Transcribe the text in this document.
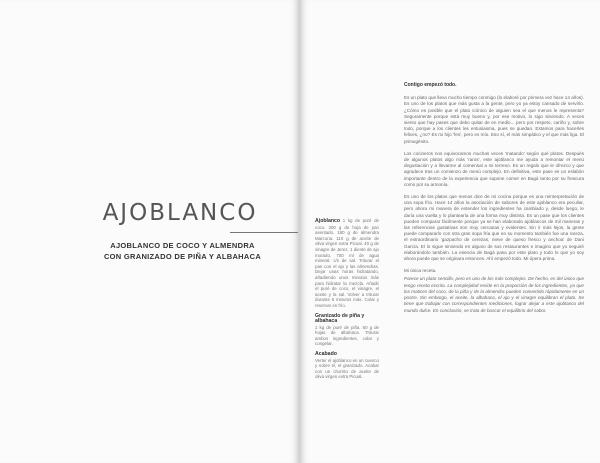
AJOBLANCO
AJOBLANCO DE COCO Y ALMENDRA
CON GRANIZADO DE PIÑA Y ALBAHACA
Ajoblanco 1 kg de puré de coco. 300 g de hoja de pan asentado. 180 g de almendra Marcona. 110 g de aceite de oliva virgen extra Picual. 40 g de vinagre de Jerez. 1 diente de ajo morado. 700 ml de agua mineral. c/s de sal. Triturar el pan con el ajo y las almendras. Dejar unas horas hidratando, añadiendo unos minutos más para hidratar la mezcla. Añadir el puré de coco, el vinagre, el aceite y la sal. Volver a triturar durante 5 minutos más. Colar y reservar en frío.
Granizado de piña y albahaca
1 kg de puré de piña. 60 g de hojas de albahaca. Triturar ambos ingredientes, colar y congelar.
Acabado
Verter el ajoblanco en un cuenco y sobre él, el granizado. Acabar con un chorrito de aceite de oliva virgen extra Picual.
Contigo empezó todo.

Es un plato que lleva mucho tiempo conmigo (lo elaboré por primera vez hace 14 años). Es uno de los platos que más gusta a la gente, pero yo ya estoy cansado de servirlo. ¿Cómo es posible que el plato icónico de alguien sea el que menos le representa? Seguramente porque está muy bueno y, por ese motivo, lo sigo sirviendo. A veces siento que hay pases que debo quitar de en medio... pero por respeto, cariño y, sobre todo, porque a los clientes les entusiasma, pues se quedan. Estamos para hacerles felices, ¿no? Es mi hijo 'feo', pero es mío. Eso sí, el más simpático y el que más liga. El primogénito.

Los cocineros nos equivocamos muchas veces 'matando' según qué platos. Después de algunos platos algo más 'raros', este ajoblanco me ayuda a remontar el menú degustación y a llevarme al comensal a mi terreno. Es un regalo que le ofrezco y que agradece tras un comienzo de menú complejo. En definitiva, este pase es un eslabón importante dentro de la experiencia que supone comer en Bagá tanto por su frescura como por su armonía.

Es uno de los platos que menos dice de mi cocina porque es una reinterpretación de una sopa fría. Hace 14 años la asociación de sabores de este ajoblanco era peculiar, pero ahora mi manera de entender los ingredientes ha cambiado y, desde luego, le daría una vuelta y lo plantearía de una forma muy distinta. Es un pase que los clientes pueden comparar fácilmente porque ya se han elaborado ajoblancos de mil maneras y las referencias gustativas son muy cercanas y evidentes. Sin ir más lejos, la gente puede compararlo con otra gran sopa fría que en su momento también fue una rareza, el extraordinario 'gazpacho de cerezas, nieve de queso fresco y anchoa' de Dani García. El lo sigue sirviendo en alguno de sus restaurantes e imagino que yo seguiré elaborándolo también. La esencia de Bagá pasa por este plato y todo lo que yo soy ahora puede que se originara entonces. Ahí empezó todo. Mi ópera prima.

Mi única receta.

Parece un plato sencillo, pero es uno de los más complejos. De hecho, es del único que tengo receta escrita. La complejidad reside en la proporción de los ingredientes, ya que los matices del coco, de la piña y de la almendra pueden convertirlo rápidamente en un postre. Sin embargo, el aceite, la albahaca, el ajo y el vinagre equilibran el plato. Se tiene que trabajar con correspondientes mediciones, lograr alejar a este ajoblanco del mundo dulce. En conclusión, se trata de buscar el equilibrio del sabor.
